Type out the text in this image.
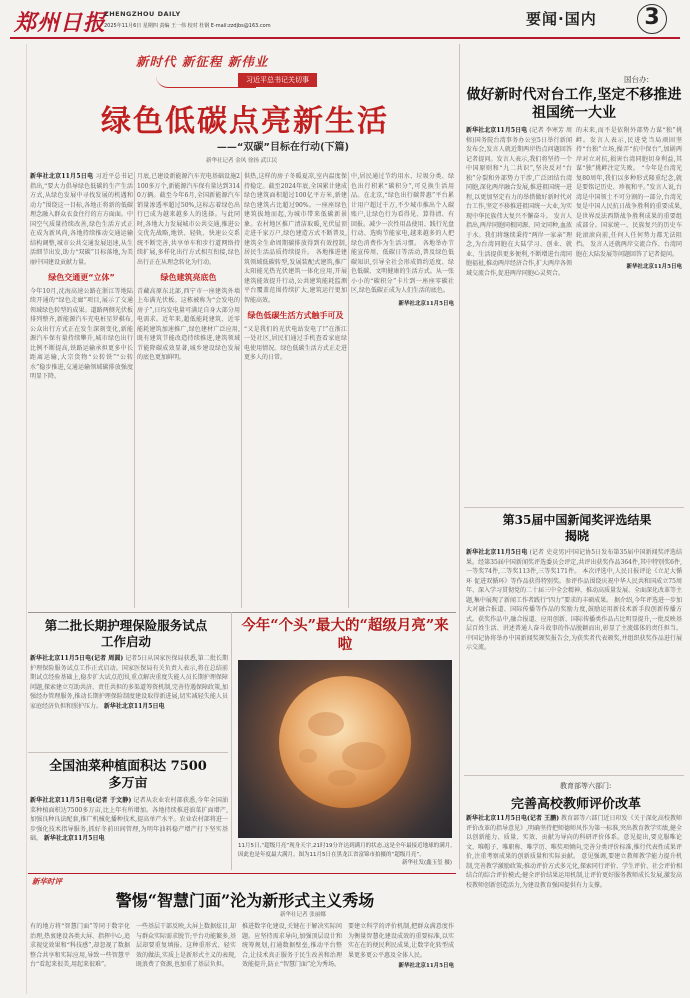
郑州日报
ZHENGZHOU DAILY
2025年11月6日 星期四 责编 王一伟 校对 杜钢 E-mail:zzdjbs@163.com	要闻·国内	3
新时代 新征程 新伟业
习近平总书记关切事
绿色低碳点亮新生活
——“双碳”目标在行动(下篇)
新华社记者 金风 徐扬 武江民
新华社北京11月5日电 习近平总书记指出,“要大力倡导绿色低碳的生产生活方式,从绿色发展中寻找发展的机遇和动力”围绕这一目标,各地正将新的低碳理念融入群众衣食住行的方方面面。中国空气质量持续改善,绿色生活方式正在成为新风尚,各地持续推动交通运输结构调整,城市公共交通发展迅速,从生活细节出发,助力“双碳”目标落地,为美丽中国建设贡献力量。
绿色交通更“立体”
今年10月,沈海高速公路在浙江等地陆续开通的“绿色走廊”项目,展示了交通领域绿色转型的成果。道路两侧光伏板排列整齐,新能源汽车充电桩星罗棋布,公众出行方式正在发生深刻变化,新能源汽车保有量持续攀升,城市绿色出行比例不断提高,铁路运输承担更多中长距离运输,大宗货物“公转铁”“公转水”稳步推进,交通运输领域碳排放强度明显下降。
月底,已建设新能源汽车充电基础设施2100多万个,新能源汽车保有量达到3140万辆。截至今年6月,全国新能源汽车销量渗透率超过50%,这标志着绿色出行已成为越来越多人的选择。与此同时,各地大力发展城市公共交通,推进公交优先战略,地铁、轻轨、快速公交系统不断完善,共享单车和步行道网络持续扩展,多样化出行方式相互衔接,绿色出行正在从理念转化为行动。
绿色建筑亮底色
青藏高原东北部,西宁市一座建筑外墙上布满光伏板。这栋被称为“会发电的房子”,日均发电量可满足自身大部分用电需求。近年来,超低能耗建筑、近零能耗建筑加速推广,绿色建材广泛应用,既有建筑节能改造持续推进,建筑领域节能降碳成效显著,城乡建设绿色发展的底色更加鲜明。
供热,这样的房子冬暖夏凉,室内温度保持稳定。截至2024年底,全国累计建成绿色建筑面积超过100亿平方米,新建绿色建筑占比超过90%。一座座绿色建筑拔地而起,为城市带来低碳新景象。农村地区推广清洁取暖,光伏屋顶走进千家万户,绿色建造方式不断普及,建筑全生命周期碳排放得到有效控制,居民生活品质持续提升。 各地推进建筑领域低碳转型,发展装配式建筑,推广太阳能光热光伏建筑一体化应用,开展建筑能效提升行动,公共建筑能耗监测平台覆盖范围持续扩大,建筑运行更加智能高效。
绿色低碳生活方式触手可及
“又是我们的光伏电站发电了!”在浙江一处社区,居民们通过手机查看家庭绿电使用情况。绿色低碳生活方式正走进更多人的日常。
中,居民通过节约用水、垃圾分类、绿色出行积累“碳积分”,可兑换生活用品。在北京,“绿色出行碳普惠”平台累计用户超过千万,不少城市推出个人碳账户,让绿色行为看得见、算得清、有回报。减少一次性用品使用、践行光盘行动、选购节能家电,越来越多的人把绿色消费作为生活习惯。 各地举办节能宣传周、低碳日等活动,普及绿色低碳知识,引导全社会形成简约适度、绿色低碳、文明健康的生活方式。从一张小小的“碳积分”卡片到一座座零碳社区,绿色低碳正成为人们生活的底色。
新华社北京11月5日电
国台办:
做好新时代对台工作,坚定不移推进祖国统一大业
新华社北京11月5日电 (记者 李寒芳 周榕)国务院台湾事务办公室5日举行新闻发布会,发言人就近期两岸热点问题回答记者提问。发言人表示,我们将坚持一个中国原则和“九二共识”,坚决反对“台独”分裂和外部势力干涉,广泛团结台湾同胞,深化两岸融合发展,推进祖国统一进程,以更加坚定有力的举措做好新时代对台工作,坚定不移推进祖国统一大业,为实现中华民族伟大复兴不懈奋斗。 发言人指出,两岸同胞同根同源、同文同种,血浓于水。我们将继续秉持“两岸一家亲”理念,为台湾同胞在大陆学习、创业、就业、生活提供更多便利,不断增进台湾同胞福祉,推动两岸经济合作,扩大两岸各领域交流合作,促进两岸同胞心灵契合。
的未来,而不是依附外部势力谋“独”挑衅。发言人表示,民进党当局顽固坚持“台独”立场,操弄“抗中保台”,加剧两岸对立对抗,损害台湾同胞切身利益,其谋“独”挑衅注定失败。 “今年是台湾光复80周年,我们以多种形式隆重纪念,就是要铭记历史、珍视和平。”发言人说,台湾是中国领土不可分割的一部分,台湾光复是中国人民抗日战争胜利的重要成果,是世界反法西斯战争胜利成果的重要组成部分。国家统一、民族复兴的历史车轮滚滚向前,任何人任何势力都无法阻挡。 发言人还就两岸交流合作、台湾同胞在大陆发展等问题回答了记者提问。
新华社北京11月5日电
第35届中国新闻奖评选结果揭晓
新华社北京11月5日电 (记者 史竞男)中国记协5日发布第35届中国新闻奖评选结果。经第35届中国新闻奖评选委员会评定,共评出获奖作品364件,其中特别奖6件,一等奖74件,二等奖113件,三等奖171件。 本次评选中,人民日报评论《立足大循环 促进双循环》等作品获得特别奖。参评作品围绕庆祝中华人民共和国成立75周年、深入学习贯彻党的二十届三中全会精神、推动高质量发展、全面深化改革等主题,集中展现了新闻工作者践行“四力”要求的丰硕成果。 据介绍,今年评选进一步加大对融合报道、国际传播等作品的奖励力度,鼓励运用新技术新手段创新传播方式。获奖作品中,融合报道、应用创新、国际传播类作品占比明显提升,一批反映基层百姓生活、讲述普通人奋斗故事的作品脱颖而出,彰显了主流媒体的责任担当。 中国记协将举办中国新闻奖颁奖报告会,为获奖者代表颁奖,并组织获奖作品进行展示交流。
教育部等六部门:
完善高校教师评价改革
新华社北京11月5日电(记者 王鹏) 教育部等六部门近日印发《关于深化高校教师评价改革的指导意见》,明确坚持把师德师风作为第一标准,突出教育教学实绩,健全以创新能力、质量、实效、贡献为导向的科研评价体系。意见提出,要克服唯论文、唯帽子、唯职称、唯学历、唯奖项倾向,完善分类评价标准,推行代表性成果评价,注重考察成果的创新质量和实际贡献。 意见强调,要建立教师教学能力提升机制,完善教学激励政策;推动评价方式多元化,探索同行评价、学生评价、社会评价相结合的综合评价模式;健全评价结果运用机制,让评价更好服务教师成长发展,激发高校教师创新创造活力,为建设教育强国提供有力支撑。
第二批长期护理保险服务试点工作启动
新华社北京11月5日电(记者 周圆) 记者5日从国家医保局获悉,第二批长期护理保险服务试点工作正式启动。国家医保局有关负责人表示,将在总结前期试点经验基础上,稳步扩大试点范围,重点解决重度失能人员长期护理保障问题,探索建立互助共济、责任共担的多渠道筹资机制,完善待遇保障政策,加强经办管理服务,推动长期护理保险制度建设取得新进展,切实减轻失能人员家庭经济负担和照护压力。 新华社北京11月5日电
全国油菜种植面积达 7500 多万亩
新华社北京11月5日电(记者 于文静) 记者从农业农村部获悉,今年全国油菜种植面积达7500多万亩,比上年有所增加。各地持续推进油菜扩面增产,加强良种良法配套,推广机械化播种技术,提高单产水平。农业农村部将进一步强化技术指导服务,抓好冬前田间管理,为明年油料稳产增产打下坚实基础。 新华社北京11月5日电
今年“个头”最大的“超级月亮”来啦
11月5日,“超级月亮”现身天宇,21时19分许达到满月的状态,这是全年最接近地球的满月,因此也是年度最大满月。图为11月5日在黑龙江省富锦市拍摄的“超级月亮”。
新华社发(鑫玉玺 摄)
新华时评
警惕“智慧门面”沦为新形式主义秀场
新华社记者 张丽娜
有的地方将“智慧门面”等同于数字化治理,热衷建设各类大屏、指挥中心,追求视觉效果和“科技感”,却忽视了数据整合共享和实际应用,导致一些智慧平台“看起来很美,用起来很难”。
一些基层干部反映,大屏上数据炫目,却与群众实际需求脱节;平台功能繁多,基层却要重复填报。这种重形式、轻实效的做法,实质上是新形式主义的表现,既浪费了资源,也加重了基层负担。
推进数字化建设,关键在于解决实际问题。应坚持需求导向,加强顶层设计和统筹规划,打通数据壁垒,推动平台整合,让技术真正服务于民生改善和治理效能提升,防止“智慧门面”沦为秀场。
要建立科学的评价机制,把群众满意度作为衡量智慧化建设成效的重要标准,以实实在在的便民利民成果,让数字化转型成果更多更公平惠及全体人民。
新华社北京11月5日电
